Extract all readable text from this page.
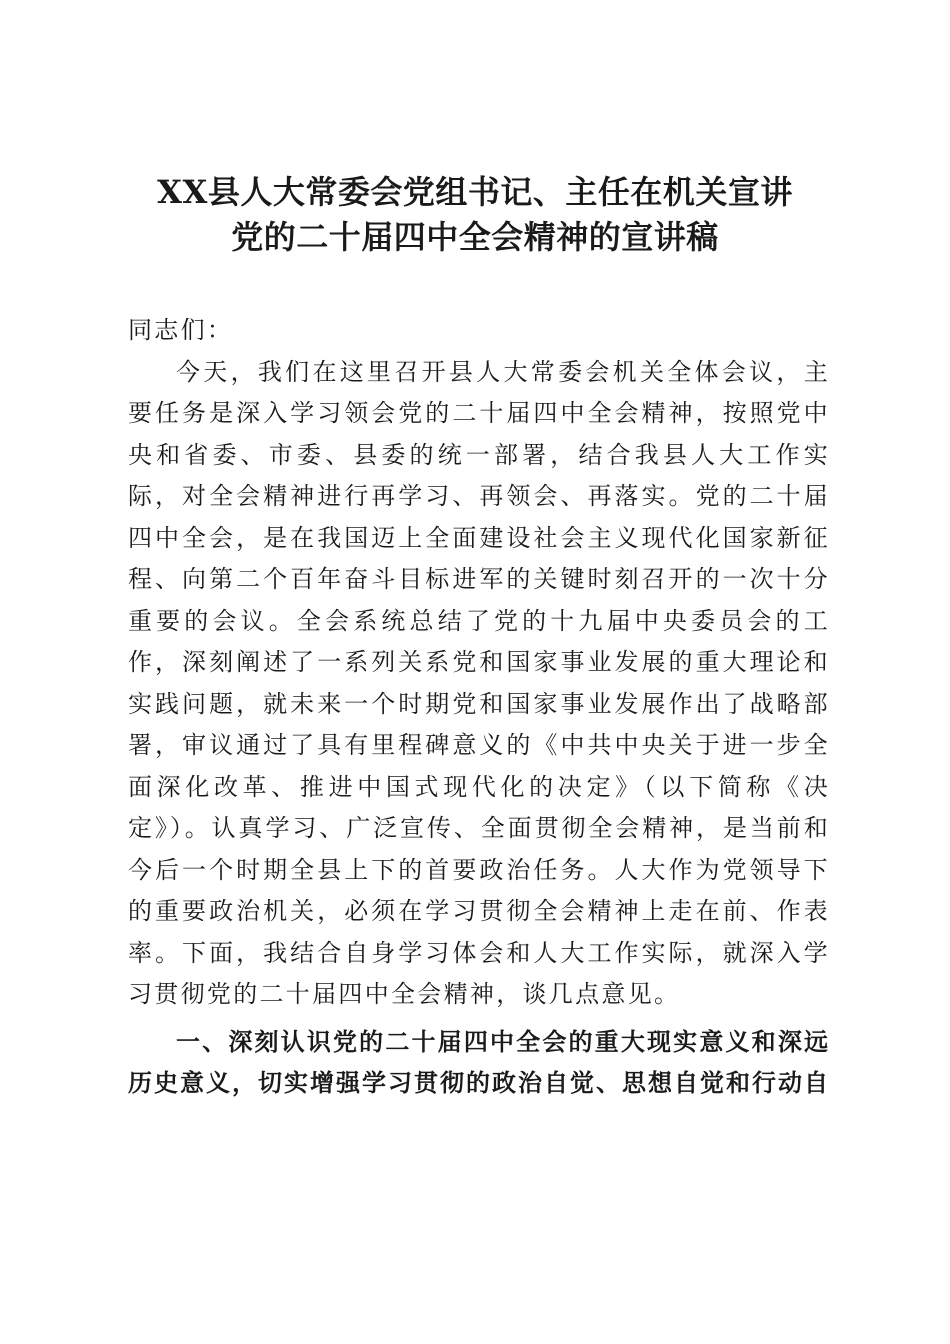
XX县人大常委会党组书记、主任在机关宣讲
党的二十届四中全会精神的宣讲稿

同志们：

今天，我们在这里召开县人大常委会机关全体会议，主要任务是深入学习领会党的二十届四中全会精神，按照党中央和省委、市委、县委的统一部署，结合我县人大工作实际，对全会精神进行再学习、再领会、再落实。党的二十届四中全会，是在我国迈上全面建设社会主义现代化国家新征程、向第二个百年奋斗目标进军的关键时刻召开的一次十分重要的会议。全会系统总结了党的十九届中央委员会的工作，深刻阐述了一系列关系党和国家事业发展的重大理论和实践问题，就未来一个时期党和国家事业发展作出了战略部署，审议通过了具有里程碑意义的《中共中央关于进一步全面深化改革、推进中国式现代化的决定》（以下简称《决定》）。认真学习、广泛宣传、全面贯彻全会精神，是当前和今后一个时期全县上下的首要政治任务。人大作为党领导下的重要政治机关，必须在学习贯彻全会精神上走在前、作表率。下面，我结合自身学习体会和人大工作实际，就深入学习贯彻党的二十届四中全会精神，谈几点意见。

一、深刻认识党的二十届四中全会的重大现实意义和深远历史意义，切实增强学习贯彻的政治自觉、思想自觉和行动自
